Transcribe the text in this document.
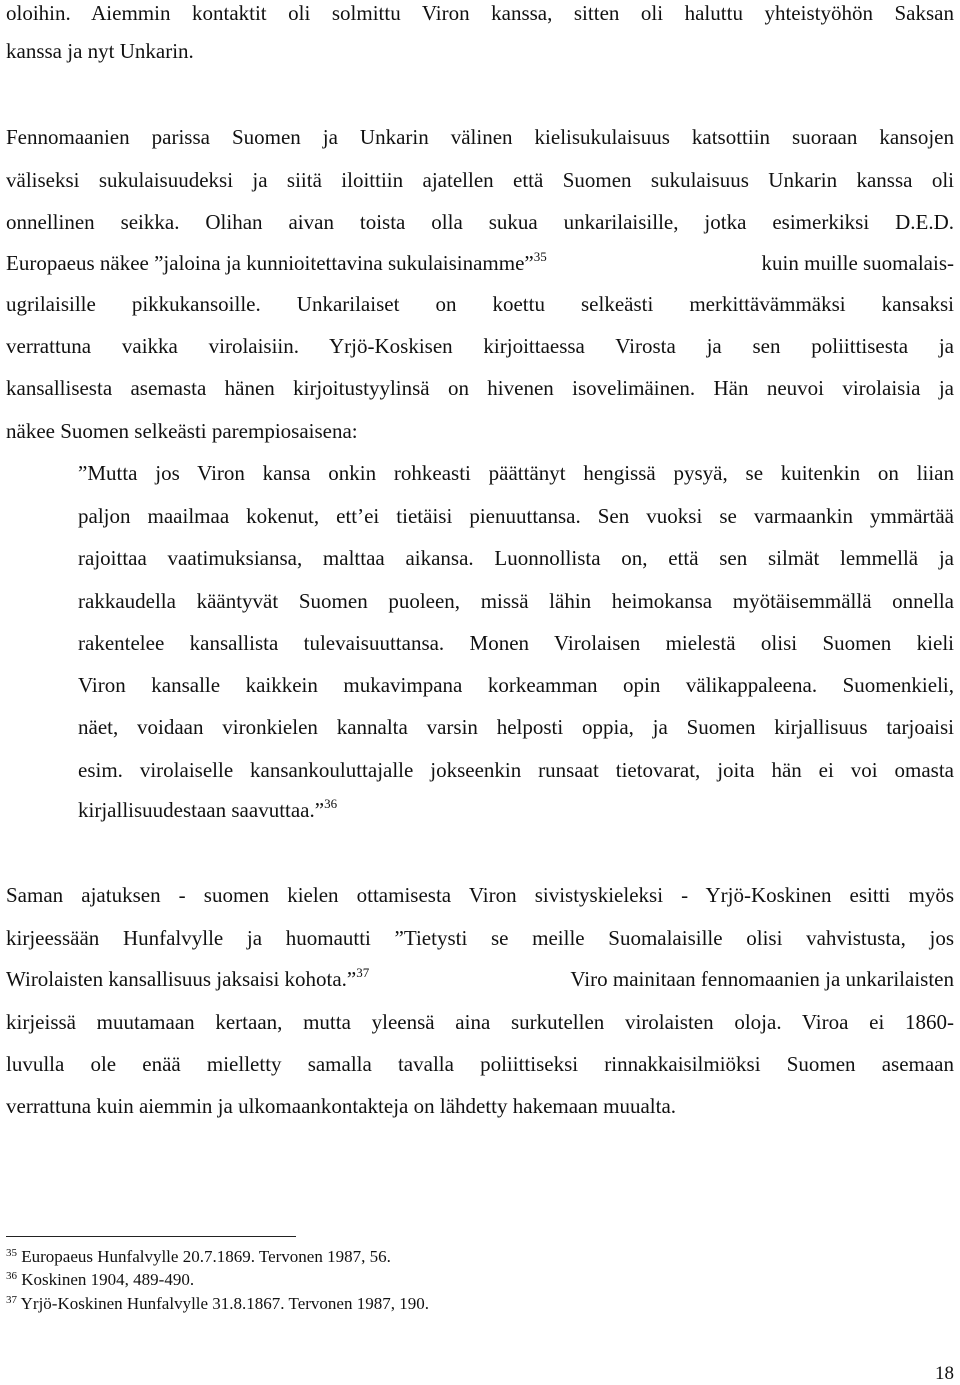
oloihin. Aiemmin kontaktit oli solmittu Viron kanssa, sitten oli haluttu yhteistyöhön Saksan
kanssa ja nyt Unkarin.
Fennomaanien parissa Suomen ja Unkarin välinen kielisukulaisuus katsottiin suoraan kansojen
väliseksi sukulaisuudeksi ja siitä iloittiin ajatellen että Suomen sukulaisuus Unkarin kanssa oli
onnellinen seikka. Olihan aivan toista olla sukua unkarilaisille, jotka esimerkiksi D.E.D.
Europaeus näkee ”jaloina ja kunnioitettavina sukulaisinamme”$^{35}$	kuin muille suomalais-
ugrilaisille pikkukansoille. Unkarilaiset on koettu selkeästi merkittävämmäksi kansaksi
verrattuna vaikka virolaisiin. Yrjö-Koskisen kirjoittaessa Virosta ja sen poliittisesta ja
kansallisesta asemasta hänen kirjoitustyylinsä on hivenen isovelimäinen. Hän neuvoi virolaisia ja
näkee Suomen selkeästi parempiosaisena:
”Mutta jos Viron kansa onkin rohkeasti päättänyt hengissä pysyä, se kuitenkin on liian
paljon maailmaa kokenut, ett’ei tietäisi pienuuttansa. Sen vuoksi se varmaankin ymmärtää
rajoittaa vaatimuksiansa, malttaa aikansa. Luonnollista on, että sen silmät lemmellä ja
rakkaudella kääntyvät Suomen puoleen, missä lähin heimokansa myötäisemmällä onnella
rakentelee kansallista tulevaisuuttansa. Monen Virolaisen mielestä olisi Suomen kieli
Viron kansalle kaikkein mukavimpana korkeamman opin välikappaleena. Suomenkieli,
näet, voidaan vironkielen kannalta varsin helposti oppia, ja Suomen kirjallisuus tarjoaisi
esim. virolaiselle kansankouluttajalle jokseenkin runsaat tietovarat, joita hän ei voi omasta
kirjallisuudestaan saavuttaa.”$^{36}$
Saman ajatuksen - suomen kielen ottamisesta Viron sivistyskieleksi - Yrjö-Koskinen esitti myös
kirjeessään Hunfalvylle ja huomautti ”Tietysti se meille Suomalaisille olisi vahvistusta, jos
Wirolaisten kansallisuus jaksaisi kohota.”$^{37}$	Viro mainitaan fennomaanien ja unkarilaisten
kirjeissä muutamaan kertaan, mutta yleensä aina surkutellen virolaisten oloja. Viroa ei 1860-
luvulla ole enää mielletty samalla tavalla poliittiseksi rinnakkaisilmiöksi Suomen asemaan
verrattuna kuin aiemmin ja ulkomaankontakteja on lähdetty hakemaan muualta.
$^{35}$ Europaeus Hunfalvylle 20.7.1869. Tervonen 1987, 56.
$^{36}$ Koskinen 1904, 489-490.
$^{37}$ Yrjö-Koskinen Hunfalvylle 31.8.1867. Tervonen 1987, 190.
18
